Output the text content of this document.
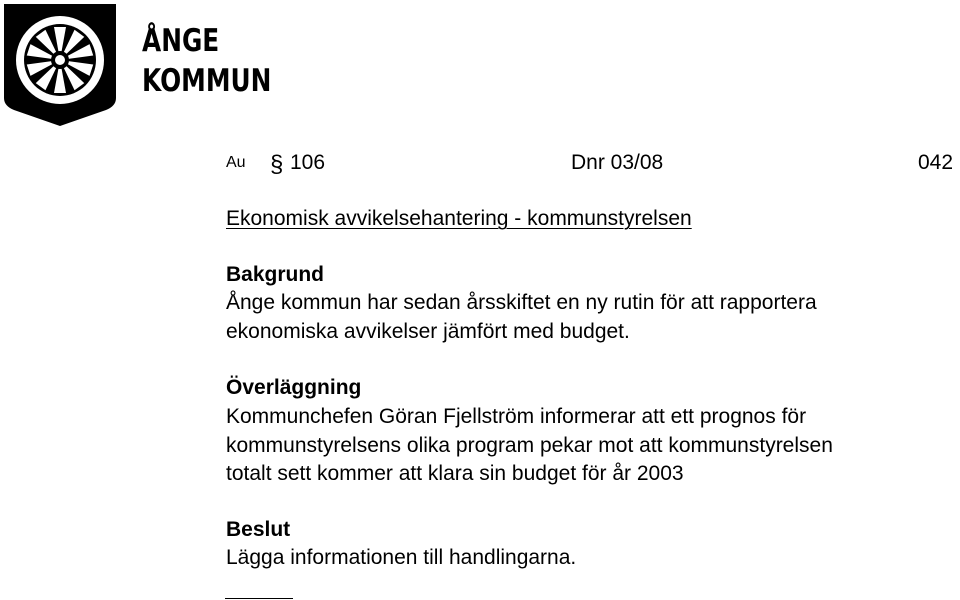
ÅNGE
KOMMUN
Au § 106	Dnr 03/08	042
Ekonomisk avvikelsehantering - kommunstyrelsen
Bakgrund
Ånge kommun har sedan årsskiftet en ny rutin för att rapportera
ekonomiska avvikelser jämfört med budget.
Överläggning
Kommunchefen Göran Fjellström informerar att ett prognos för
kommunstyrelsens olika program pekar mot att kommunstyrelsen
totalt sett kommer att klara sin budget för år 2003
Beslut
Lägga informationen till handlingarna.
